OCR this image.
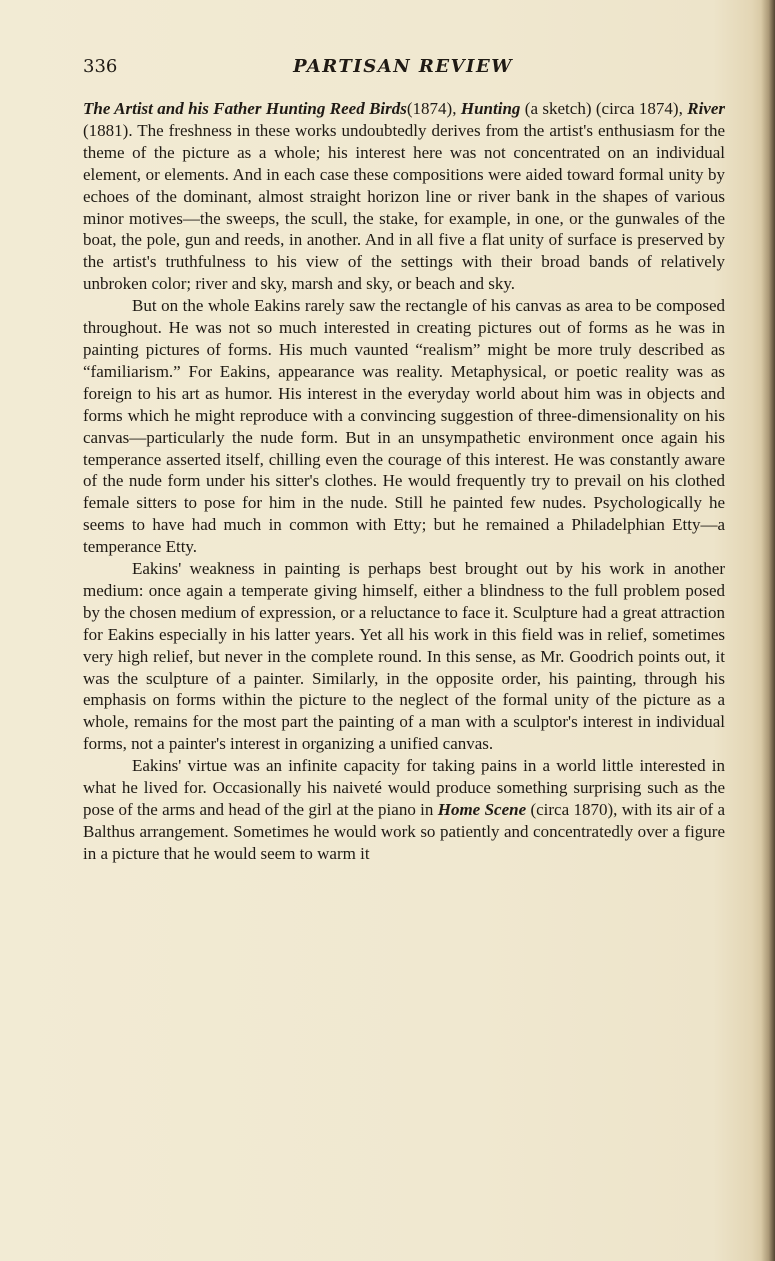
336	PARTISAN REVIEW

The Artist and his Father Hunting Reed Birds(1874), Hunting (a sketch) (circa 1874), River (1881). The freshness in these works undoubtedly derives from the artist's enthusiasm for the theme of the picture as a whole; his interest here was not concentrated on an individual element, or elements. And in each case these compositions were aided toward formal unity by echoes of the dominant, almost straight horizon line or river bank in the shapes of various minor motives—the sweeps, the scull, the stake, for example, in one, or the gunwales of the boat, the pole, gun and reeds, in another. And in all five a flat unity of surface is preserved by the artist's truthfulness to his view of the settings with their broad bands of relatively unbroken color; river and sky, marsh and sky, or beach and sky.

But on the whole Eakins rarely saw the rectangle of his canvas as area to be composed throughout. He was not so much interested in creating pictures out of forms as he was in painting pictures of forms. His much vaunted “realism” might be more truly described as “familiarism.” For Eakins, appearance was reality. Metaphysical, or poetic reality was as foreign to his art as humor. His interest in the everyday world about him was in objects and forms which he might reproduce with a convincing suggestion of three-dimensionality on his canvas—particularly the nude form. But in an unsympathetic environment once again his temperance asserted itself, chilling even the courage of this interest. He was constantly aware of the nude form under his sitter's clothes. He would frequently try to prevail on his clothed female sitters to pose for him in the nude. Still he painted few nudes. Psychologically he seems to have had much in common with Etty; but he remained a Philadelphian Etty—a temperance Etty.

Eakins' weakness in painting is perhaps best brought out by his work in another medium: once again a temperate giving himself, either a blindness to the full problem posed by the chosen medium of expression, or a reluctance to face it. Sculpture had a great attraction for Eakins especially in his latter years. Yet all his work in this field was in relief, sometimes very high relief, but never in the complete round. In this sense, as Mr. Goodrich points out, it was the sculpture of a painter. Similarly, in the opposite order, his painting, through his emphasis on forms within the picture to the neglect of the formal unity of the picture as a whole, remains for the most part the painting of a man with a sculptor's interest in individual forms, not a painter's interest in organizing a unified canvas.

Eakins' virtue was an infinite capacity for taking pains in a world little interested in what he lived for. Occasionally his naiveté would produce something surprising such as the pose of the arms and head of the girl at the piano in Home Scene (circa 1870), with its air of a Balthus arrangement. Sometimes he would work so patiently and concentratedly over a figure in a picture that he would seem to warm it
